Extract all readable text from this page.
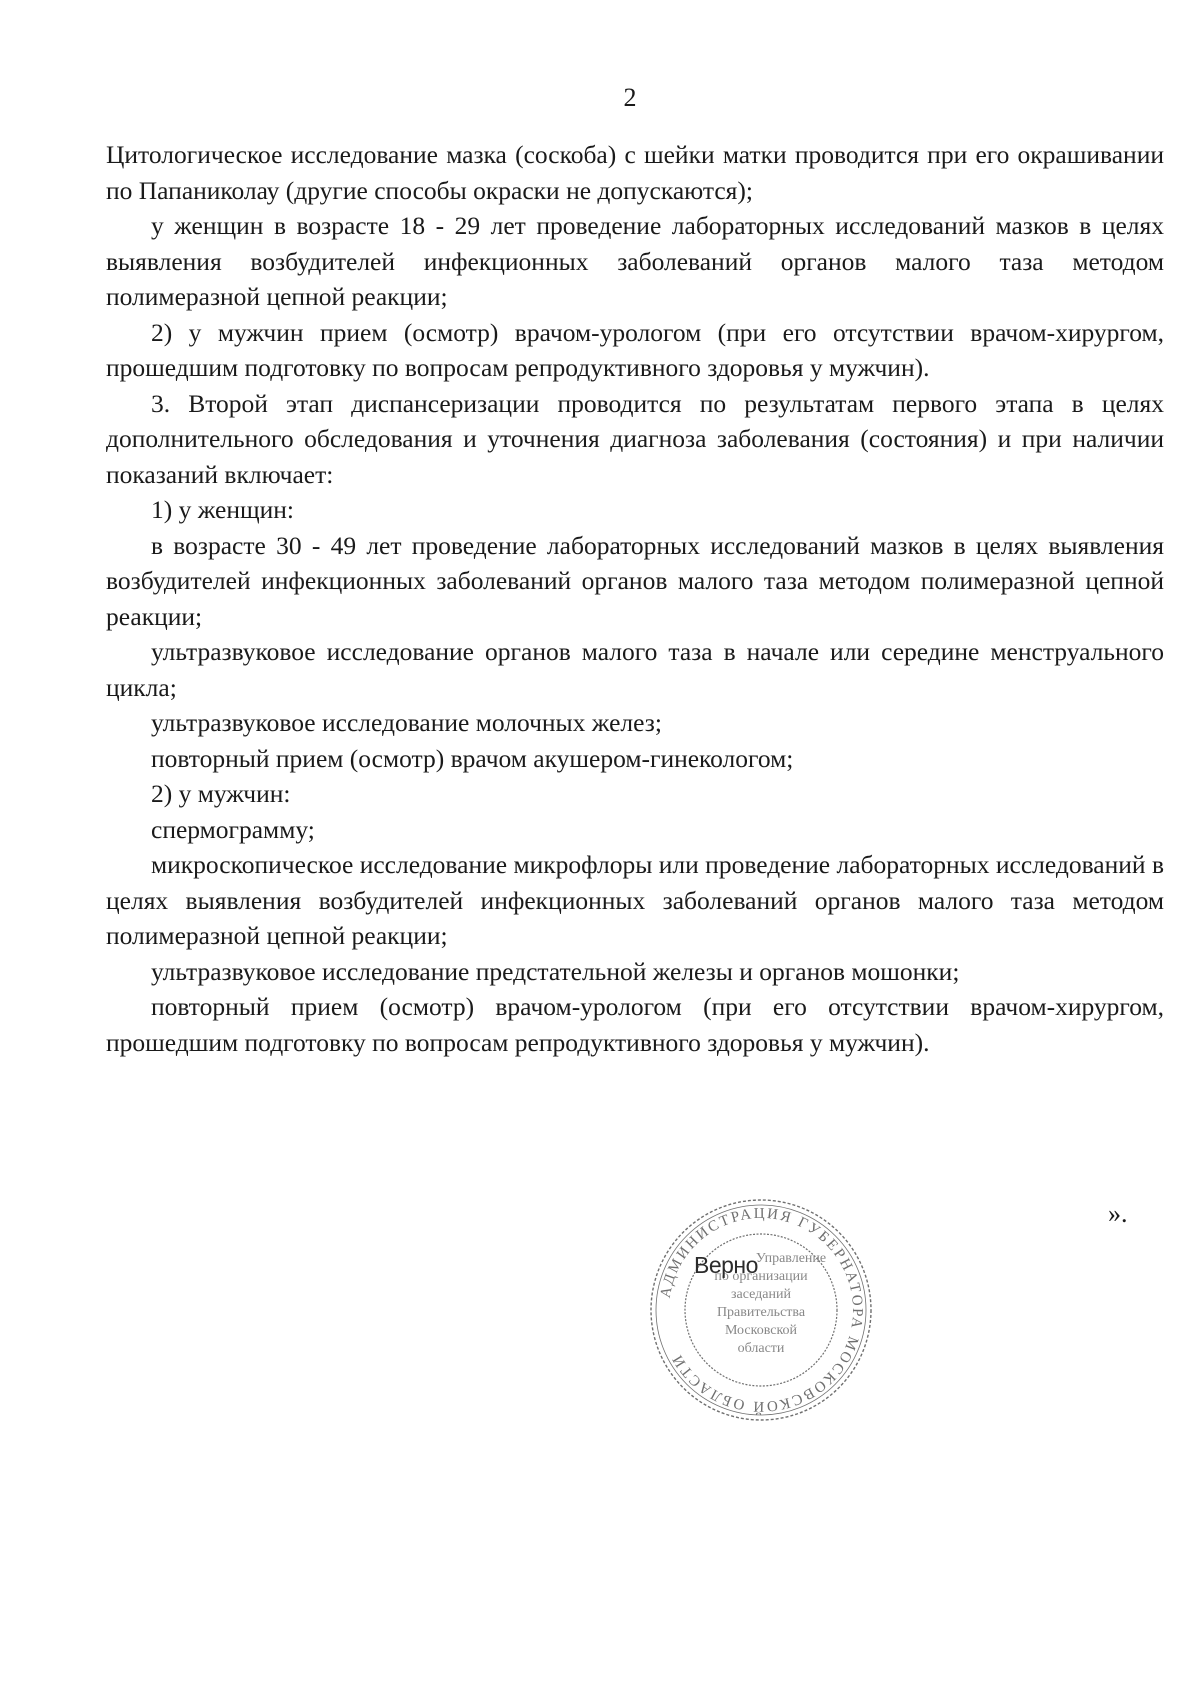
2

Цитологическое исследование мазка (соскоба) с шейки матки проводится при его окрашивании по Папаниколау (другие способы окраски не допускаются);

у женщин в возрасте 18 - 29 лет проведение лабораторных исследований мазков в целях выявления возбудителей инфекционных заболеваний органов малого таза методом полимеразной цепной реакции;

2) у мужчин прием (осмотр) врачом-урологом (при его отсутствии врачом-хирургом, прошедшим подготовку по вопросам репродуктивного здоровья у мужчин).

3. Второй этап диспансеризации проводится по результатам первого этапа в целях дополнительного обследования и уточнения диагноза заболевания (состояния) и при наличии показаний включает:

1) у женщин:

в возрасте 30 - 49 лет проведение лабораторных исследований мазков в целях выявления возбудителей инфекционных заболеваний органов малого таза методом полимеразной цепной реакции;

ультразвуковое исследование органов малого таза в начале или середине менструального цикла;

ультразвуковое исследование молочных желез;

повторный прием (осмотр) врачом акушером-гинекологом;

2) у мужчин:

спермограмму;

микроскопическое исследование микрофлоры или проведение лабораторных исследований в целях выявления возбудителей инфекционных заболеваний органов малого таза методом полимеразной цепной реакции;

ультразвуковое исследование предстательной железы и органов мошонки;

повторный прием (осмотр) врачом-урологом (при его отсутствии врачом-хирургом, прошедшим подготовку по вопросам репродуктивного здоровья у мужчин).

».
АДМИНИСТРАЦИЯ ГУБЕРНАТОРА МОСКОВСКОЙ ОБЛАСТИ
Управление
по организации
заседаний
Правительства
Московской
области
Верно
